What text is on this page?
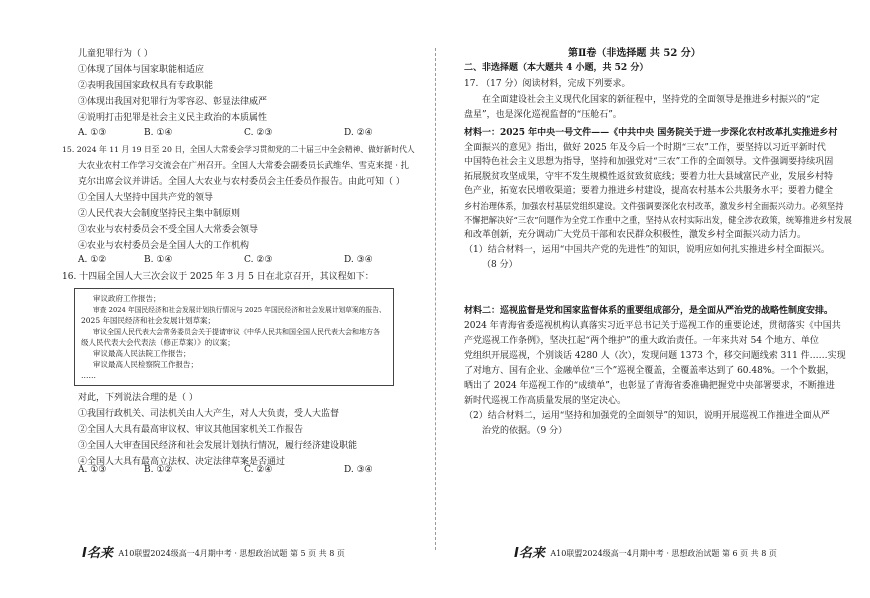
儿童犯罪行为（ ）
①体现了国体与国家职能相适应
②表明我国国家政权具有专政职能
③体现出我国对犯罪行为零容忍、彰显法律威严
④说明打击犯罪是社会主义民主政治的本质属性
A. ①③	B. ①④	C. ②③	D. ②④
15. 2024 年 11 月 19 日至 20 日，全国人大常委会学习贯彻党的二十届三中全会精神、做好新时代人
大农业农村工作学习交流会在广州召开。全国人大常委会副委员长武维华、雪克来提 · 扎
克尔出席会议并讲话。全国人大农业与农村委员会主任委员作报告。由此可知（ ）
①全国人大坚持中国共产党的领导
②人民代表大会制度坚持民主集中制原则
③农业与农村委员会不受全国人大常委会领导
④农业与农村委员会是全国人大的工作机构
A. ①②	B. ①④	C. ②③	D. ③④
16. 十四届全国人大三次会议于 2025 年 3 月 5 日在北京召开，其议程如下：
审议政府工作报告；
审查 2024 年国民经济和社会发展计划执行情况与 2025 年国民经济和社会发展计划草案的报告、
2025 年国民经济和社会发展计划草案；
审议全国人民代表大会常务委员会关于提请审议《中华人民共和国全国人民代表大会和地方各
级人民代表大会代表法（修正草案）》的议案；
审议最高人民法院工作报告；
审议最高人民检察院工作报告；
……
对此，下列说法合理的是（ ）
①我国行政机关、司法机关由人大产生，对人大负责，受人大监督
②全国人大具有最高审议权、审议其他国家机关工作报告
③全国人大审查国民经济和社会发展计划执行情况，履行经济建设职能
④全国人大具有最高立法权、决定法律草案是否通过
A. ①③	B. ①②	C. ②④	D. ③④
I名来 A10联盟2024级高一4月期中考 · 思想政治试题 第 5 页 共 8 页
第Ⅱ卷（非选择题 共 52 分）
二、非选择题（本大题共 4 小题，共 52 分）
17. （17 分）阅读材料，完成下列要求。
在全面建设社会主义现代化国家的新征程中，坚持党的全面领导是推进乡村振兴的“定
盘星”，也是深化巡视监督的“压舱石”。
材料一：2025 年中央一号文件——《中共中央 国务院关于进一步深化农村改革扎实推进乡村
全面振兴的意见》指出，做好 2025 年及今后一个时期“三农”工作，要坚持以习近平新时代
中国特色社会主义思想为指导，坚持和加强党对“三农”工作的全面领导。文件强调要持续巩固
拓展脱贫攻坚成果，守牢不发生规模性返贫致贫底线；要着力壮大县域富民产业，发展乡村特
色产业，拓宽农民增收渠道；要着力推进乡村建设，提高农村基本公共服务水平；要着力健全
乡村治理体系，加强农村基层党组织建设。文件强调要深化农村改革，激发乡村全面振兴动力。必须坚持
不懈把解决好“三农”问题作为全党工作重中之重，坚持从农村实际出发，健全涉农政策，统筹推进乡村发展
和改革创新，充分调动广大党员干部和农民群众积极性，激发乡村全面振兴动力活力。
（1）结合材料一，运用“中国共产党的先进性”的知识，说明应如何扎实推进乡村全面振兴。
（8 分）
材料二：巡视监督是党和国家监督体系的重要组成部分，是全面从严治党的战略性制度安排。
2024 年青海省委巡视机构认真落实习近平总书记关于巡视工作的重要论述，贯彻落实《中国共
产党巡视工作条例》，坚决扛起“两个维护”的重大政治责任。一年来共对 54 个地方、单位
党组织开展巡视，个别谈话 4280 人（次），发现问题 1373 个，移交问题线索 311 件……实现
了对地方、国有企业、金融单位“三个”巡视全覆盖，全覆盖率达到了 60.48%。一个个数据，
晒出了 2024 年巡视工作的“成绩单”，也彰显了青海省委准确把握党中央部署要求，不断推进
新时代巡视工作高质量发展的坚定决心。
（2）结合材料二，运用“坚持和加强党的全面领导”的知识，说明开展巡视工作推进全面从严
治党的依据。（9 分）
I名来 A10联盟2024级高一4月期中考 · 思想政治试题 第 6 页 共 8 页
